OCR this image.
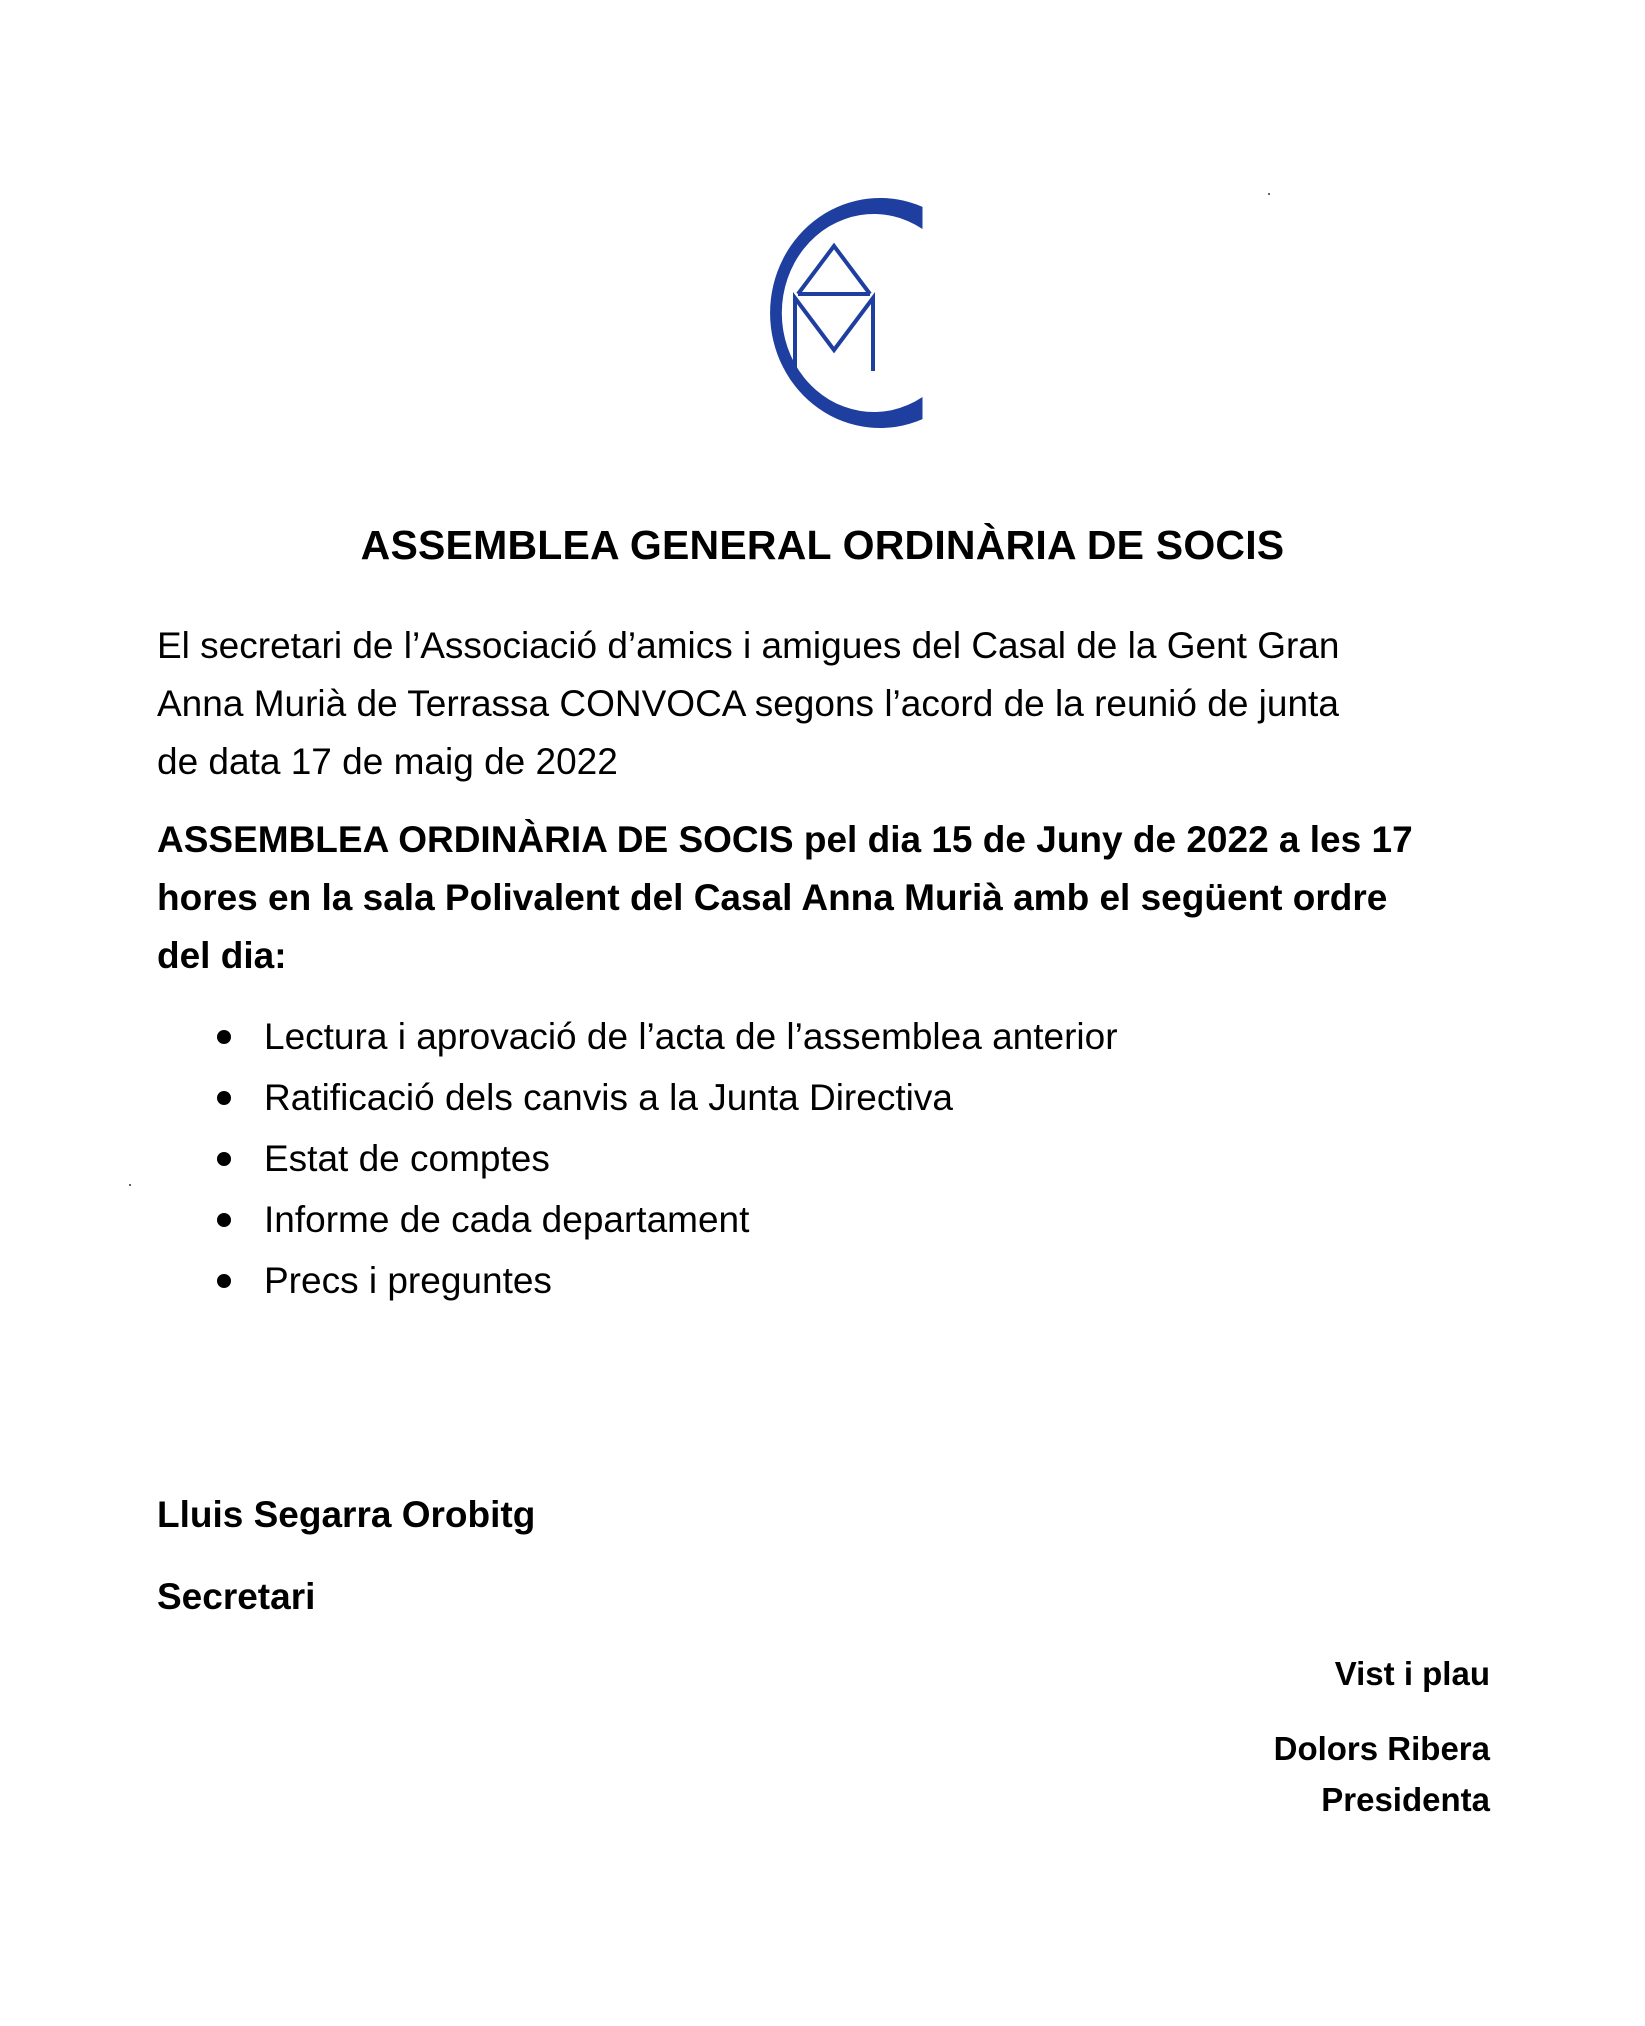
ASSEMBLEA GENERAL ORDINÀRIA DE SOCIS
El secretari de l’Associació d’amics i amigues del Casal de la Gent Gran
Anna Murià de Terrassa CONVOCA segons l’acord de la reunió de junta
de data 17 de maig de 2022
ASSEMBLEA ORDINÀRIA DE SOCIS pel dia 15 de Juny de 2022 a les 17
hores en la sala Polivalent del Casal Anna Murià amb el següent ordre
del dia:
Lectura i aprovació de l’acta de l’assemblea anterior
Ratificació dels canvis a la Junta Directiva
Estat de comptes
Informe de cada departament
Precs i preguntes
Lluis Segarra Orobitg
Secretari
Vist i plau
Dolors Ribera
Presidenta
